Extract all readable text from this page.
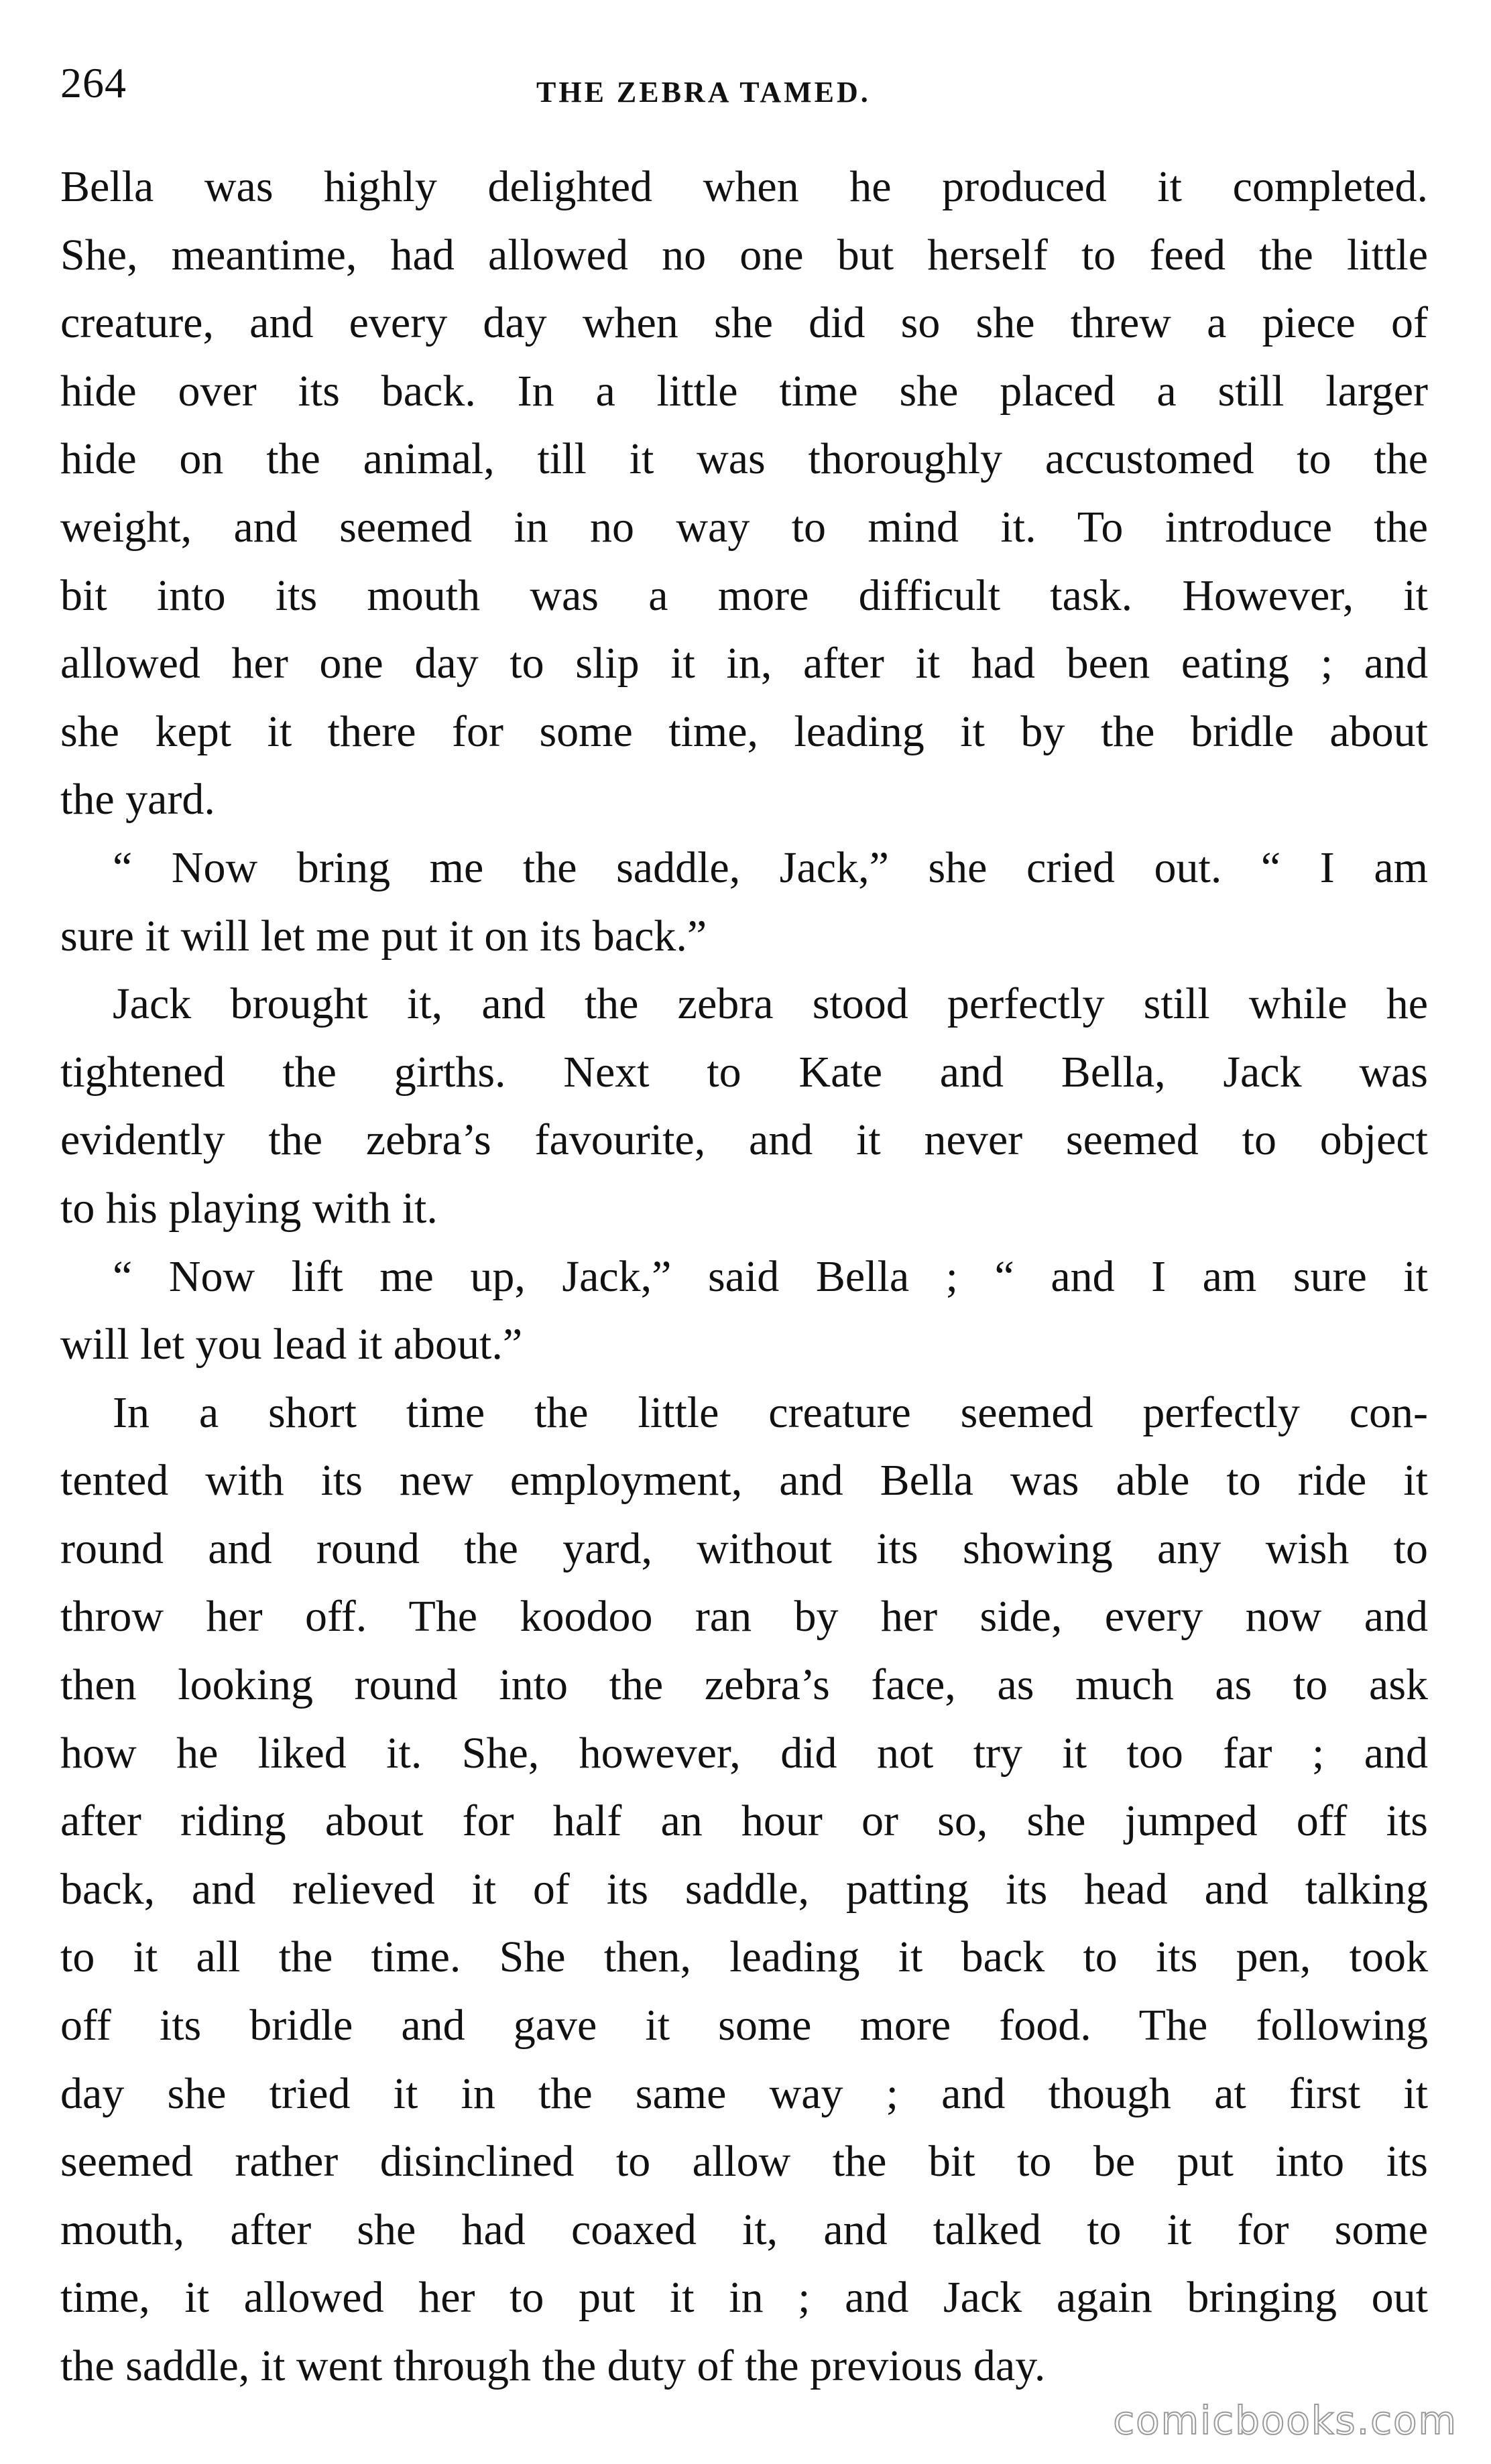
264	THE ZEBRA TAMED.
Bella was highly delighted when he produced it completed.
She, meantime, had allowed no one but herself to feed the little
creature, and every day when she did so she threw a piece of
hide over its back. In a little time she placed a still larger
hide on the animal, till it was thoroughly accustomed to the
weight, and seemed in no way to mind it. To introduce the
bit into its mouth was a more difficult task. However, it
allowed her one day to slip it in, after it had been eating ; and
she kept it there for some time, leading it by the bridle about
the yard.
“ Now bring me the saddle, Jack,” she cried out. “ I am
sure it will let me put it on its back.”
Jack brought it, and the zebra stood perfectly still while he
tightened the girths. Next to Kate and Bella, Jack was
evidently the zebra’s favourite, and it never seemed to object
to his playing with it.
“ Now lift me up, Jack,” said Bella ; “ and I am sure it
will let you lead it about.”
In a short time the little creature seemed perfectly con-
tented with its new employment, and Bella was able to ride it
round and round the yard, without its showing any wish to
throw her off. The koodoo ran by her side, every now and
then looking round into the zebra’s face, as much as to ask
how he liked it. She, however, did not try it too far ; and
after riding about for half an hour or so, she jumped off its
back, and relieved it of its saddle, patting its head and talking
to it all the time. She then, leading it back to its pen, took
off its bridle and gave it some more food. The following
day she tried it in the same way ; and though at first it
seemed rather disinclined to allow the bit to be put into its
mouth, after she had coaxed it, and talked to it for some
time, it allowed her to put it in ; and Jack again bringing out
the saddle, it went through the duty of the previous day.
comicbooks.com
